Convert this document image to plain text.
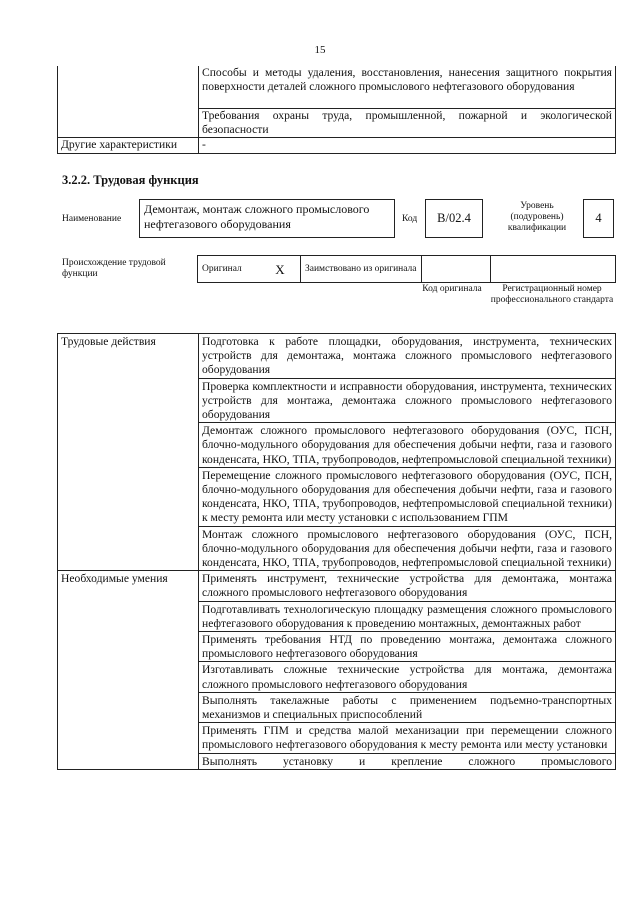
15
	Способы и методы удаления, восстановления, нанесения защитного покрытия поверхности деталей сложного промыслового нефтегазового оборудования
	Требования охраны труда, промышленной, пожарной и экологической безопасности
Другие характеристики	-
3.2.2. Трудовая функция
Наименование
Демонтаж, монтаж сложного промыслового нефтегазового оборудования	Код	B/02.4
Уровень (подуровень) квалификации
4
Происхождение трудовой функции
Оригинал	X	Заимствовано из оригинала		
Код оригинала	Регистрационный номер профессионального стандарта
Трудовые действия	Подготовка к работе площадки, оборудования, инструмента, технических устройств для демонтажа, монтажа сложного промыслового нефтегазового оборудования
	Проверка комплектности и исправности оборудования, инструмента, технических устройств для монтажа, демонтажа сложного промыслового нефтегазового оборудования
	Демонтаж сложного промыслового нефтегазового оборудования (ОУС, ПСН, блочно-модульного оборудования для обеспечения добычи нефти, газа и газового конденсата, НКО, ТПА, трубопроводов, нефтепромысловой специальной техники)
	Перемещение сложного промыслового нефтегазового оборудования (ОУС, ПСН, блочно-модульного оборудования для обеспечения добычи нефти, газа и газового конденсата, НКО, ТПА, трубопроводов, нефтепромысловой специальной техники) к месту ремонта или месту установки с использованием ГПМ
	Монтаж сложного промыслового нефтегазового оборудования (ОУС, ПСН, блочно-модульного оборудования для обеспечения добычи нефти, газа и газового конденсата, НКО, ТПА, трубопроводов, нефтепромысловой специальной техники)
Необходимые умения	Применять инструмент, технические устройства для демонтажа, монтажа сложного промыслового нефтегазового оборудования
	Подготавливать технологическую площадку размещения сложного промыслового нефтегазового оборудования к проведению монтажных, демонтажных работ
	Применять требования НТД по проведению монтажа, демонтажа сложного промыслового нефтегазового оборудования
	Изготавливать сложные технические устройства для монтажа, демонтажа сложного промыслового нефтегазового оборудования
	Выполнять такелажные работы с применением подъемно-транспортных механизмов и специальных приспособлений
	Применять ГПМ и средства малой механизации при перемещении сложного промыслового нефтегазового оборудования к месту ремонта или месту установки
	Выполнять установку и крепление сложного промыслового
